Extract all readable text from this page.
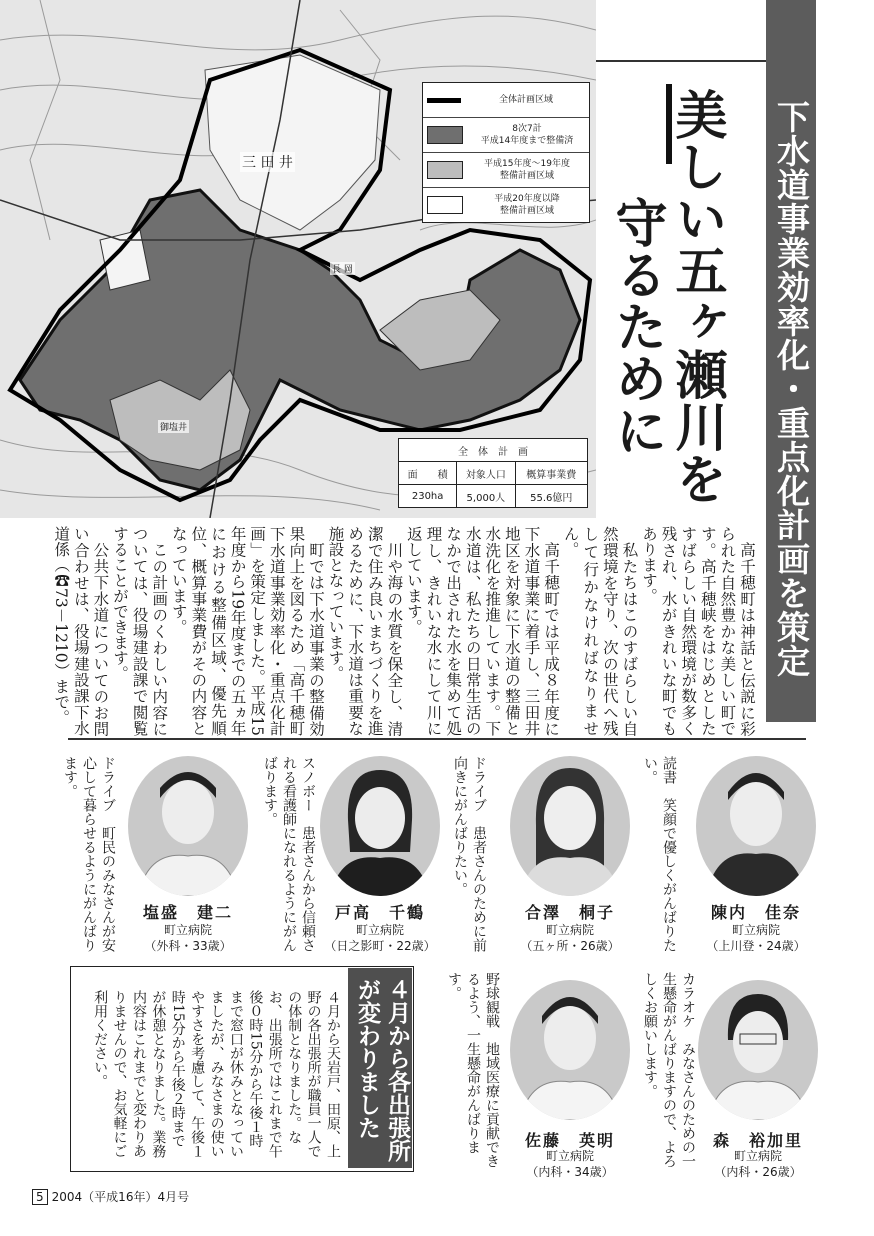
三 田 井
長 岡
御塩井
全体計画区域
8次7計
平成14年度まで整備済
平成15年度～19年度
整備計画区域
平成20年度以降
整備計画区域
全　体　計　画		
面　　積	対象人口	概算事業費
230ha	5,000人	55.6億円	下水道事業効率化・重点化計画を策定
美しい五ヶ瀬川を
守るために

高千穂町は神話と伝説に彩られた自然豊かな美しい町です。高千穂峡をはじめとしたすばらしい自然環境が数多く残され、水がきれいな町でもあります。

私たちはこのすばらしい自然環境を守り、次の世代へ残して行かなければなりません。

高千穂町では平成８年度に下水道事業に着手し、三田井地区を対象に下水道の整備と水洗化を推進しています。下水道は、私たちの日常生活のなかで出された水を集めて処理し、きれいな水にして川に返しています。

川や海の水質を保全し、清潔で住み良いまちづくりを進めるために、下水道は重要な施設となっています。

町では下水道事業の整備効果向上を図るため「高千穂町下水道事業効率化・重点化計画」を策定しました。平成15年度から19年度までの五ヵ年における整備区域、優先順位、概算事業費がその内容となっています。

この計画のくわしい内容については、役場建設課で閲覧することができます。

公共下水道についてのお問い合わせは、役場建設課下水道係（☎73－1210）まで。

読書　笑顔で優しくがんばりたい。
陳内　佳奈
町立病院
（上川登・24歳）
ドライブ　患者さんのために前向きにがんばりたい。
合澤　桐子
町立病院
（五ヶ所・26歳）
スノボー　患者さんから信頼される看護師になれるようにがんばります。
戸高　千鶴
町立病院
（日之影町・22歳）
ドライブ　町民のみなさんが安心して暮らせるようにがんばります。
塩盛　建二
町立病院
（外科・33歳）
カラオケ　みなさんのための一生懸命がんばりますので、よろしくお願いします。
森　裕加里
町立病院
（内科・26歳）
野球観戦　地域医療に貢献できるよう、一生懸命がんばります。
佐藤　英明
町立病院
（内科・34歳）
４月から各出張所が変わりました
４月から天岩戸、田原、上野の各出張所が職員一人での体制となりました。なお、出張所ではこれまで午後０時15分から午後１時まで窓口が休みとなっていましたが、みなさまの使いやすさを考慮して、午後１時15分から午後２時までが休憩となりました。業務内容はこれまでと変わりありませんので、お気軽にご利用ください。
5 2004（平成16年）4月号
